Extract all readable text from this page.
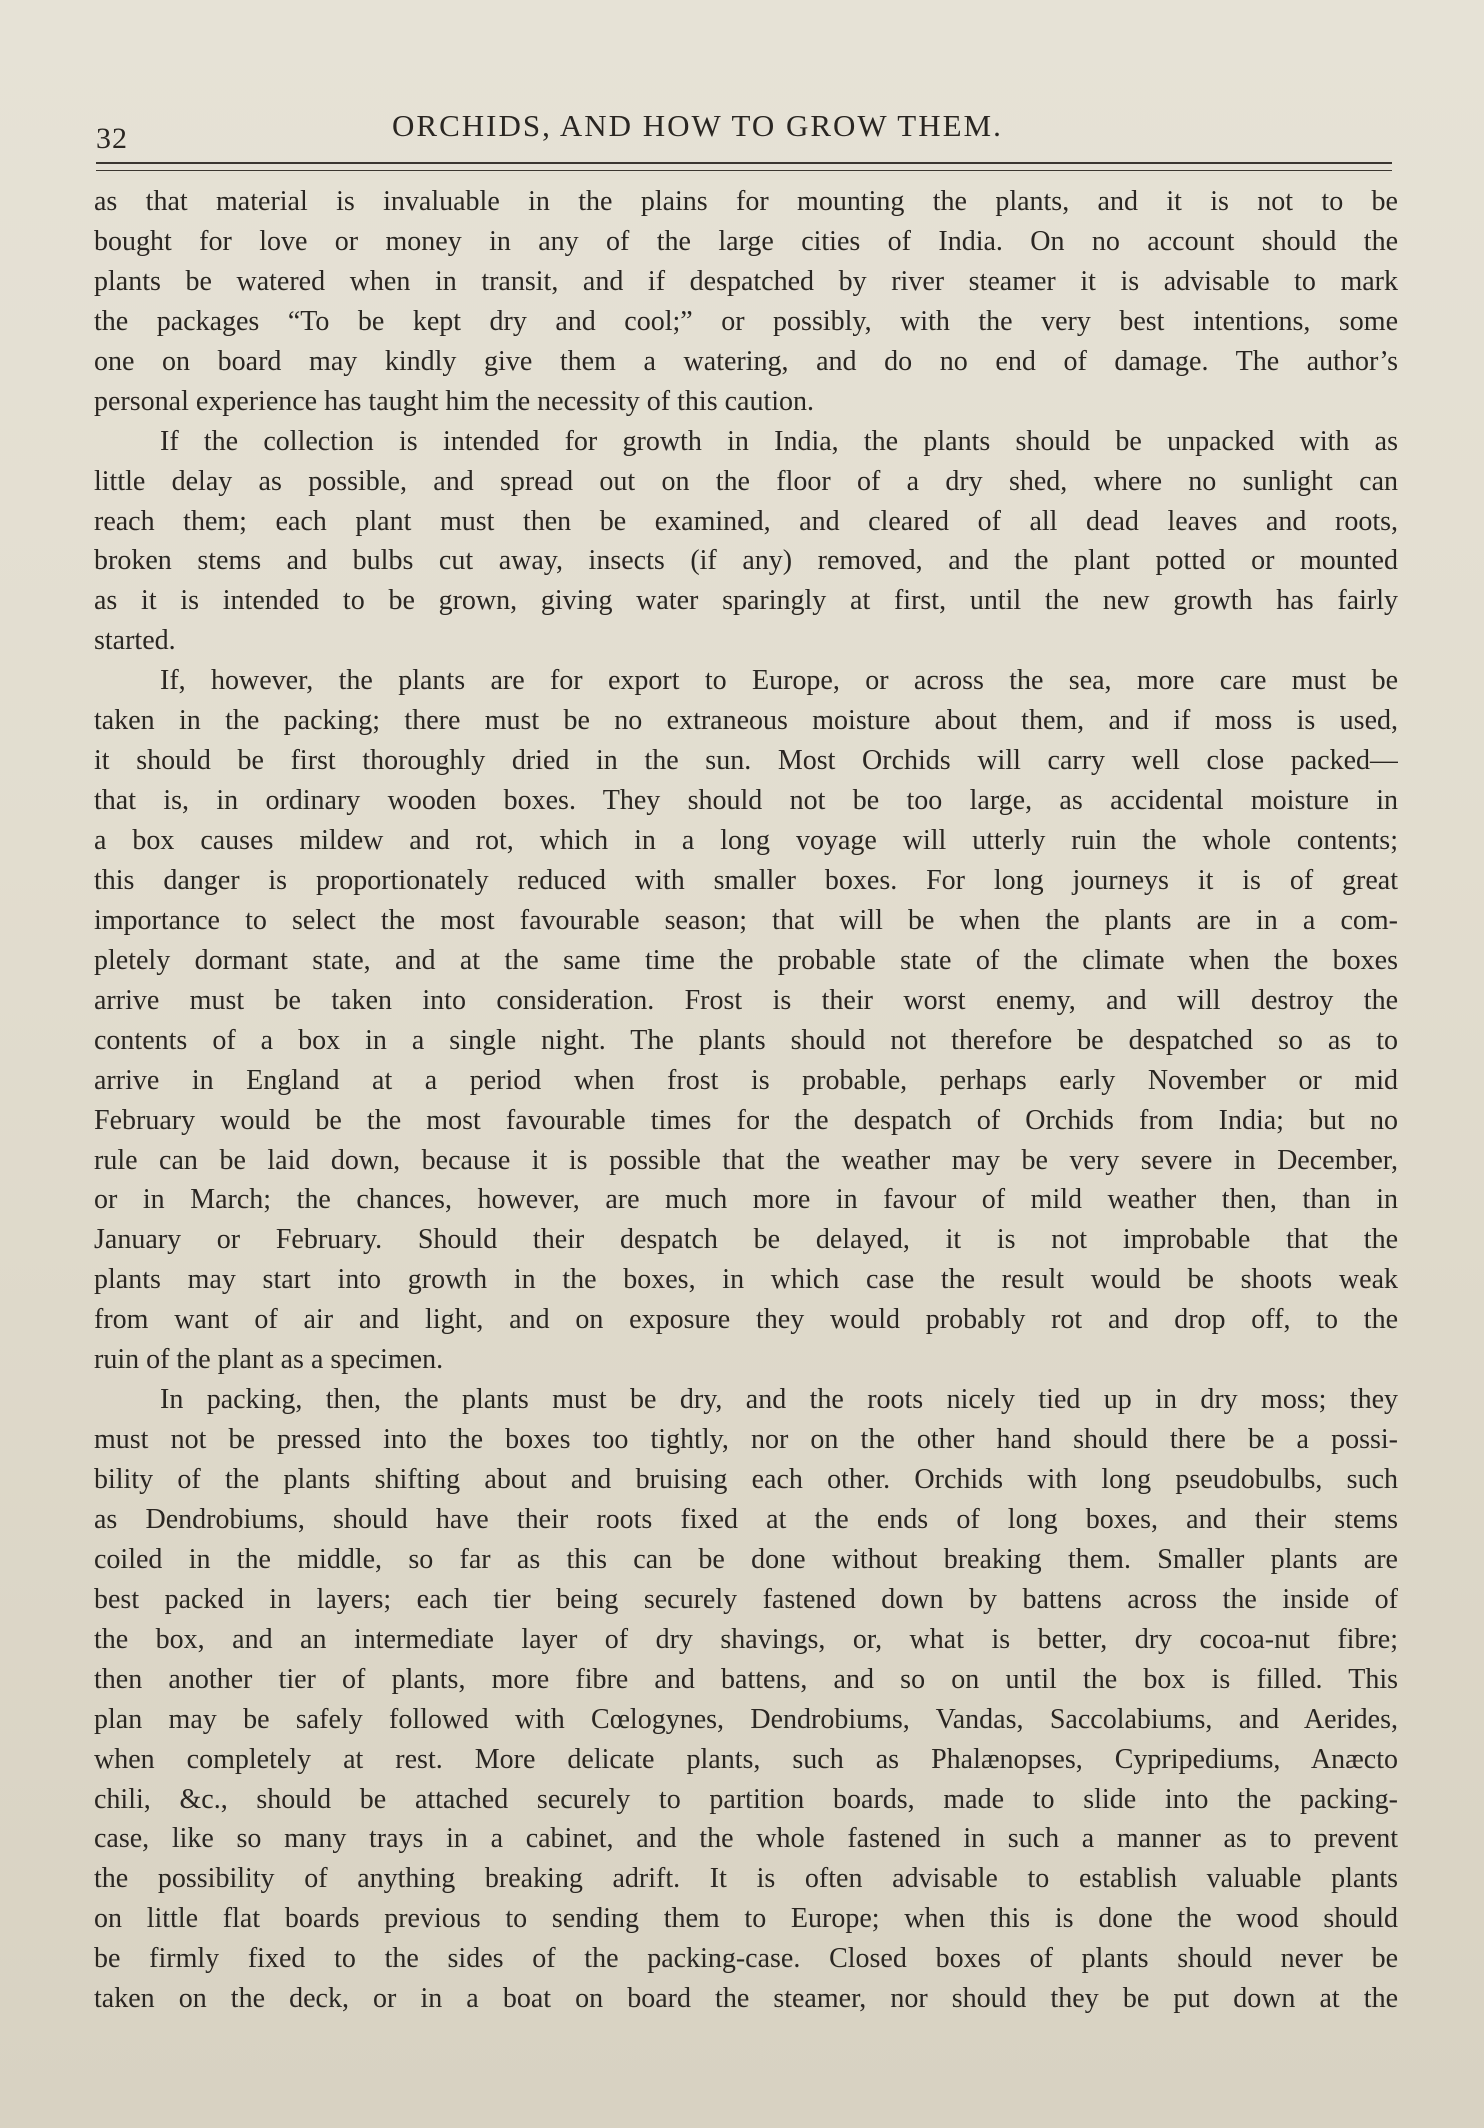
32	ORCHIDS, AND HOW TO GROW THEM.
as that material is invaluable in the plains for mounting the plants, and it is not to be
bought for love or money in any of the large cities of India. On no account should the
plants be watered when in transit, and if despatched by river steamer it is advisable to mark
the packages “To be kept dry and cool;” or possibly, with the very best intentions, some
one on board may kindly give them a watering, and do no end of damage. The author’s
personal experience has taught him the necessity of this caution.
If the collection is intended for growth in India, the plants should be unpacked with as
little delay as possible, and spread out on the floor of a dry shed, where no sunlight can
reach them; each plant must then be examined, and cleared of all dead leaves and roots,
broken stems and bulbs cut away, insects (if any) removed, and the plant potted or mounted
as it is intended to be grown, giving water sparingly at first, until the new growth has fairly
started.
If, however, the plants are for export to Europe, or across the sea, more care must be
taken in the packing; there must be no extraneous moisture about them, and if moss is used,
it should be first thoroughly dried in the sun. Most Orchids will carry well close packed—
that is, in ordinary wooden boxes. They should not be too large, as accidental moisture in
a box causes mildew and rot, which in a long voyage will utterly ruin the whole contents;
this danger is proportionately reduced with smaller boxes. For long journeys it is of great
importance to select the most favourable season; that will be when the plants are in a com-
pletely dormant state, and at the same time the probable state of the climate when the boxes
arrive must be taken into consideration. Frost is their worst enemy, and will destroy the
contents of a box in a single night. The plants should not therefore be despatched so as to
arrive in England at a period when frost is probable, perhaps early November or mid
February would be the most favourable times for the despatch of Orchids from India; but no
rule can be laid down, because it is possible that the weather may be very severe in December,
or in March; the chances, however, are much more in favour of mild weather then, than in
January or February. Should their despatch be delayed, it is not improbable that the
plants may start into growth in the boxes, in which case the result would be shoots weak
from want of air and light, and on exposure they would probably rot and drop off, to the
ruin of the plant as a specimen.
In packing, then, the plants must be dry, and the roots nicely tied up in dry moss; they
must not be pressed into the boxes too tightly, nor on the other hand should there be a possi-
bility of the plants shifting about and bruising each other. Orchids with long pseudobulbs, such
as Dendrobiums, should have their roots fixed at the ends of long boxes, and their stems
coiled in the middle, so far as this can be done without breaking them. Smaller plants are
best packed in layers; each tier being securely fastened down by battens across the inside of
the box, and an intermediate layer of dry shavings, or, what is better, dry cocoa-nut fibre;
then another tier of plants, more fibre and battens, and so on until the box is filled. This
plan may be safely followed with Cœlogynes, Dendrobiums, Vandas, Saccolabiums, and Aerides,
when completely at rest. More delicate plants, such as Phalænopses, Cypripediums, Anæcto
chili, &c., should be attached securely to partition boards, made to slide into the packing-
case, like so many trays in a cabinet, and the whole fastened in such a manner as to prevent
the possibility of anything breaking adrift. It is often advisable to establish valuable plants
on little flat boards previous to sending them to Europe; when this is done the wood should
be firmly fixed to the sides of the packing-case. Closed boxes of plants should never be
taken on the deck, or in a boat on board the steamer, nor should they be put down at the
